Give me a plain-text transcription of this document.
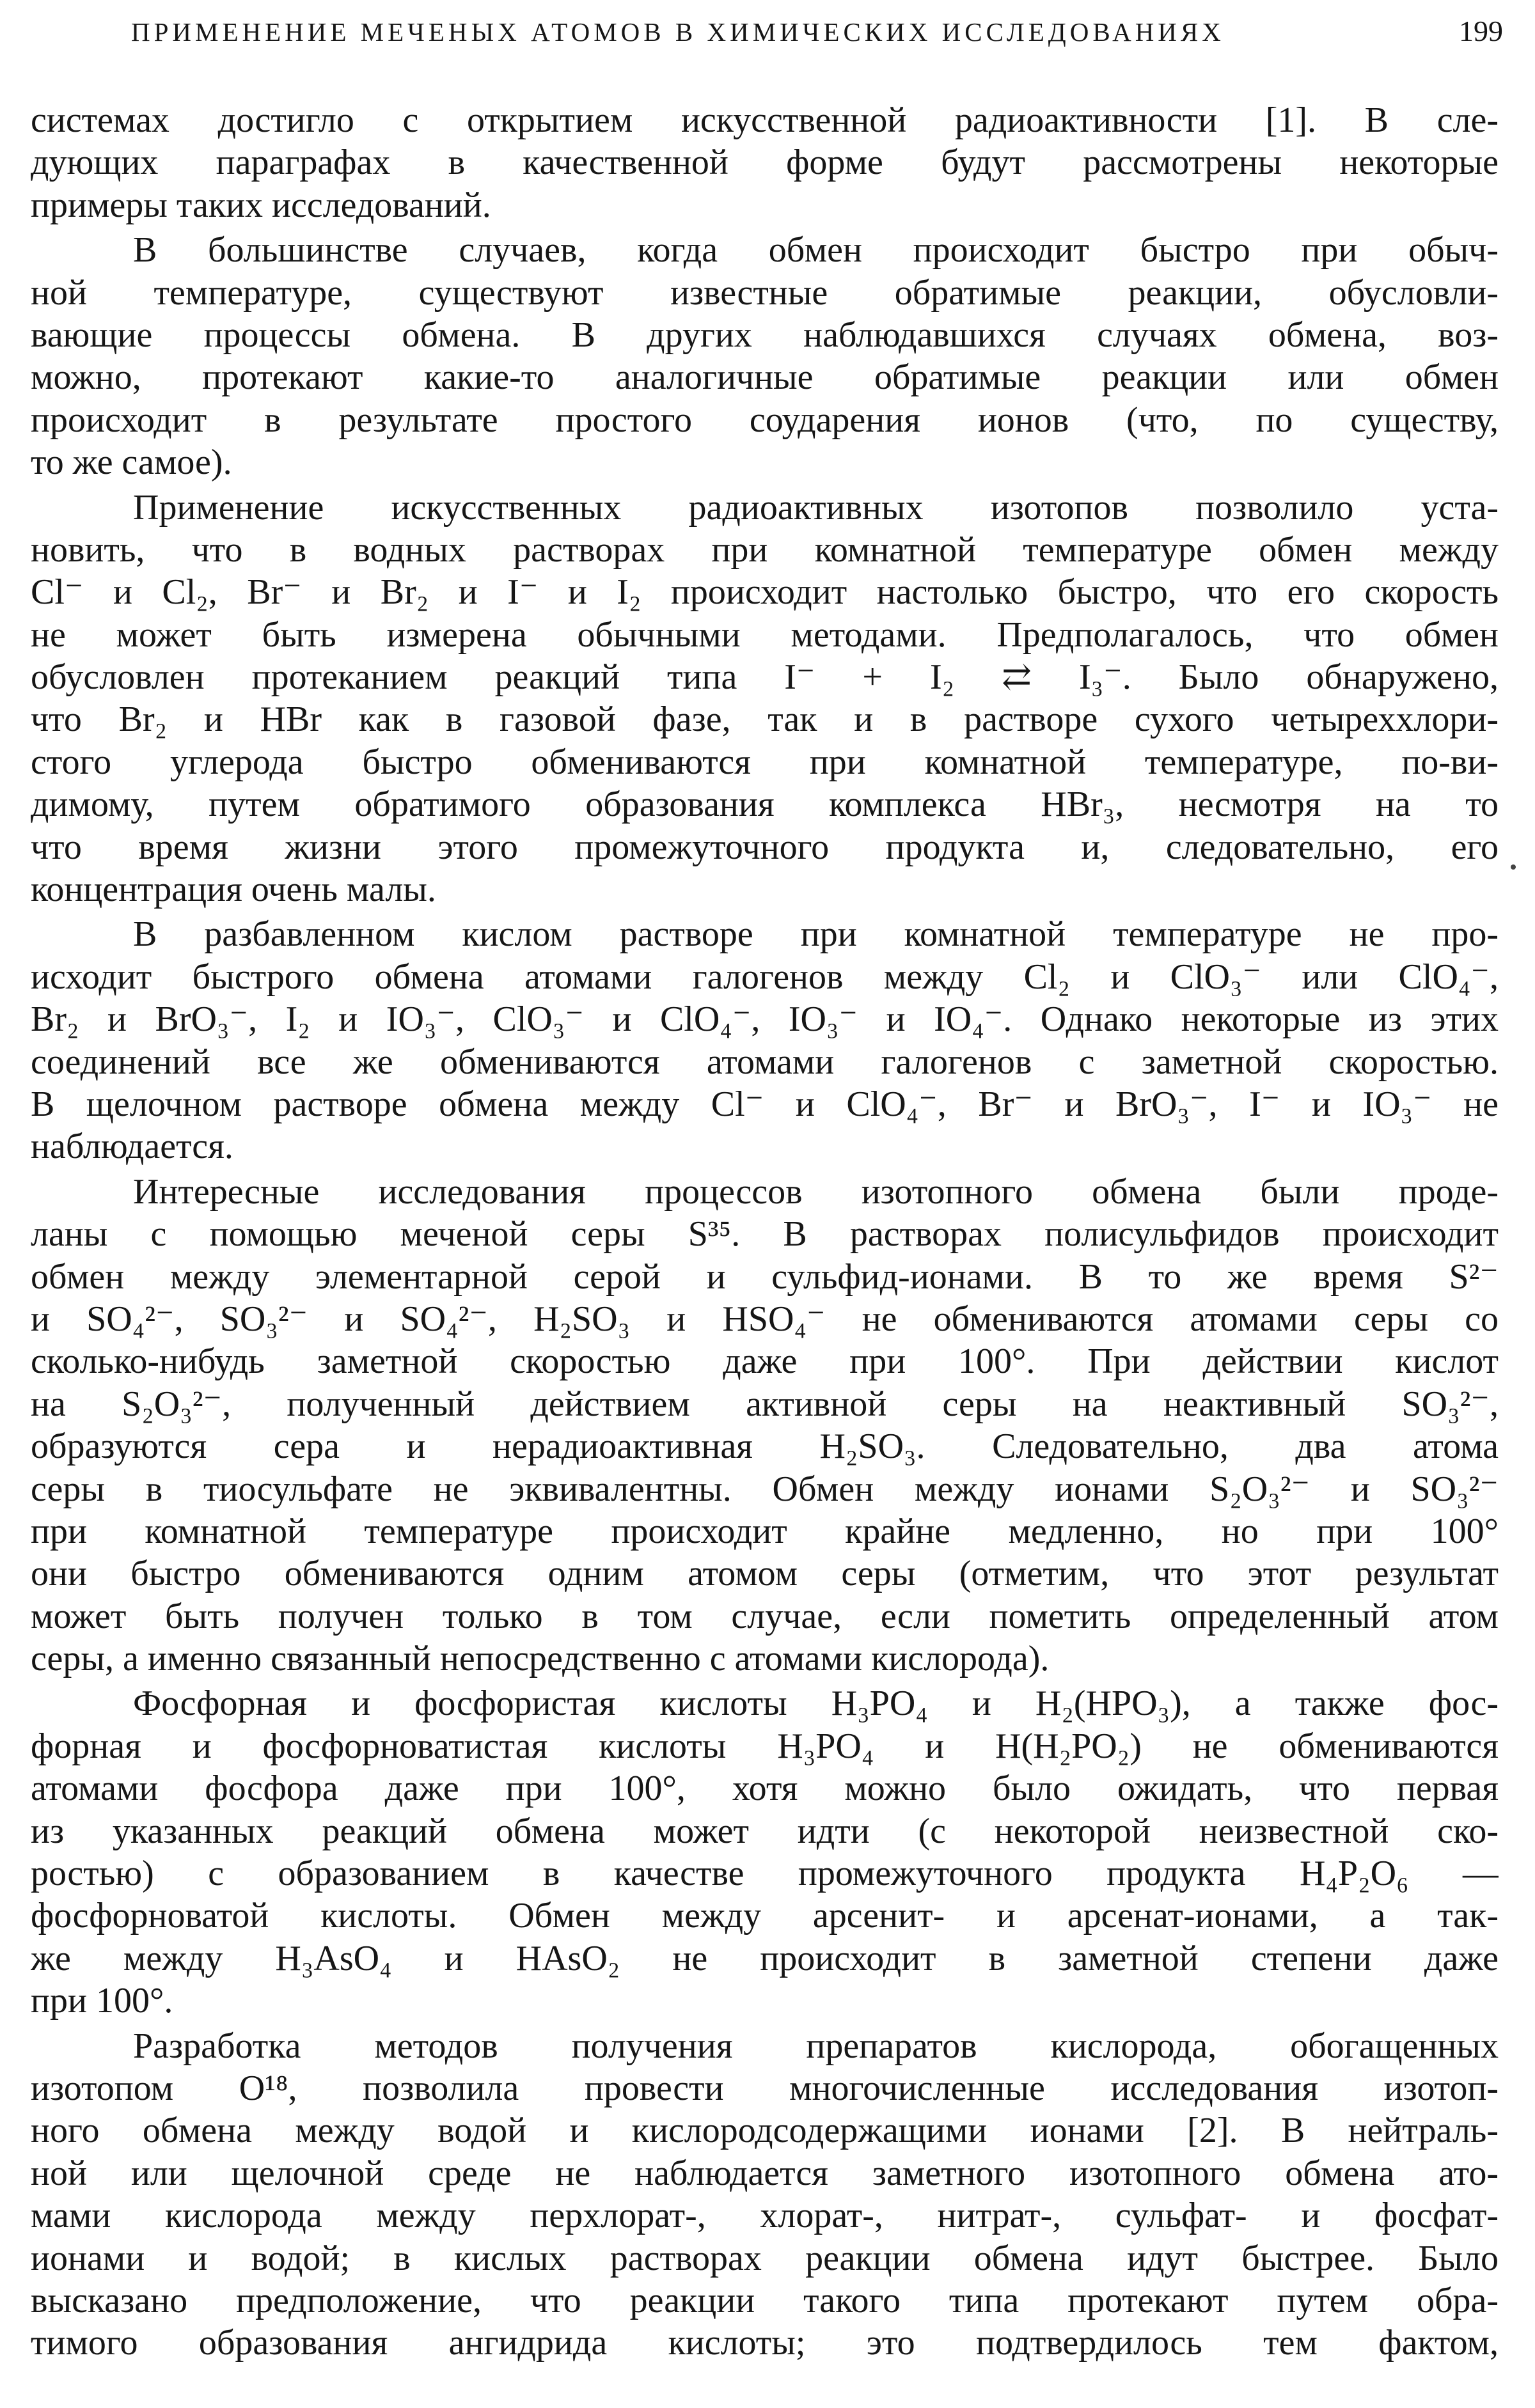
ПРИМЕНЕНИЕ МЕЧЕНЫХ АТОМОВ В ХИМИЧЕСКИХ ИССЛЕДОВАНИЯХ	199
системах достигло с открытием искусственной радиоактивности [1]. В сле-
дующих параграфах в качественной форме будут рассмотрены некоторые
примеры таких исследований.
В большинстве случаев, когда обмен происходит быстро при обыч-
ной температуре, существуют известные обратимые реакции, обусловли-
вающие процессы обмена. В других наблюдавшихся случаях обмена, воз-
можно, протекают какие-то аналогичные обратимые реакции или обмен
происходит в результате простого соударения ионов (что, по существу,
то же самое).
Применение искусственных радиоактивных изотопов позволило уста-
новить, что в водных растворах при комнатной температуре обмен между
Cl⁻ и Cl₂, Br⁻ и Br₂ и I⁻ и I₂ происходит настолько быстро, что его скорость
не может быть измерена обычными методами. Предполагалось, что обмен
обусловлен протеканием реакций типа I⁻ + I₂ ⇄ I₃⁻. Было обнаружено,
что Br₂ и HBr как в газовой фазе, так и в растворе сухого четыреххлори-
стого углерода быстро обмениваются при комнатной температуре, по-ви-
димому, путем обратимого образования комплекса HBr₃, несмотря на то
что время жизни этого промежуточного продукта и, следовательно, его
концентрация очень малы.
В разбавленном кислом растворе при комнатной температуре не про-
исходит быстрого обмена атомами галогенов между Cl₂ и ClO₃⁻ или ClO₄⁻,
Br₂ и BrO₃⁻, I₂ и IO₃⁻, ClO₃⁻ и ClO₄⁻, IO₃⁻ и IO₄⁻. Однако некоторые из этих
соединений все же обмениваются атомами галогенов с заметной скоростью.
В щелочном растворе обмена между Cl⁻ и ClO₄⁻, Br⁻ и BrO₃⁻, I⁻ и IO₃⁻ не
наблюдается.
Интересные исследования процессов изотопного обмена были проде-
ланы с помощью меченой серы S³⁵. В растворах полисульфидов происходит
обмен между элементарной серой и сульфид-ионами. В то же время S²⁻
и SO₄²⁻, SO₃²⁻ и SO₄²⁻, H₂SO₃ и HSO₄⁻ не обмениваются атомами серы со
сколько-нибудь заметной скоростью даже при 100°. При действии кислот
на S₂O₃²⁻, полученный действием активной серы на неактивный SO₃²⁻,
образуются сера и нерадиоактивная H₂SO₃. Следовательно, два атома
серы в тиосульфате не эквивалентны. Обмен между ионами S₂O₃²⁻ и SO₃²⁻
при комнатной температуре происходит крайне медленно, но при 100°
они быстро обмениваются одним атомом серы (отметим, что этот результат
может быть получен только в том случае, если пометить определенный атом
серы, а именно связанный непосредственно с атомами кислорода).
Фосфорная и фосфористая кислоты H₃PO₄ и H₂(HPO₃), а также фос-
форная и фосфорноватистая кислоты H₃PO₄ и H(H₂PO₂) не обмениваются
атомами фосфора даже при 100°, хотя можно было ожидать, что первая
из указанных реакций обмена может идти (с некоторой неизвестной ско-
ростью) с образованием в качестве промежуточного продукта H₄P₂O₆ —
фосфорноватой кислоты. Обмен между арсенит- и арсенат-ионами, а так-
же между H₃AsO₄ и HAsO₂ не происходит в заметной степени даже
при 100°.
Разработка методов получения препаратов кислорода, обогащенных
изотопом O¹⁸, позволила провести многочисленные исследования изотоп-
ного обмена между водой и кислородсодержащими ионами [2]. В нейтраль-
ной или щелочной среде не наблюдается заметного изотопного обмена ато-
мами кислорода между перхлорат-, хлорат-, нитрат-, сульфат- и фосфат-
ионами и водой; в кислых растворах реакции обмена идут быстрее. Было
высказано предположение, что реакции такого типа протекают путем обра-
тимого образования ангидрида кислоты; это подтвердилось тем фактом,
